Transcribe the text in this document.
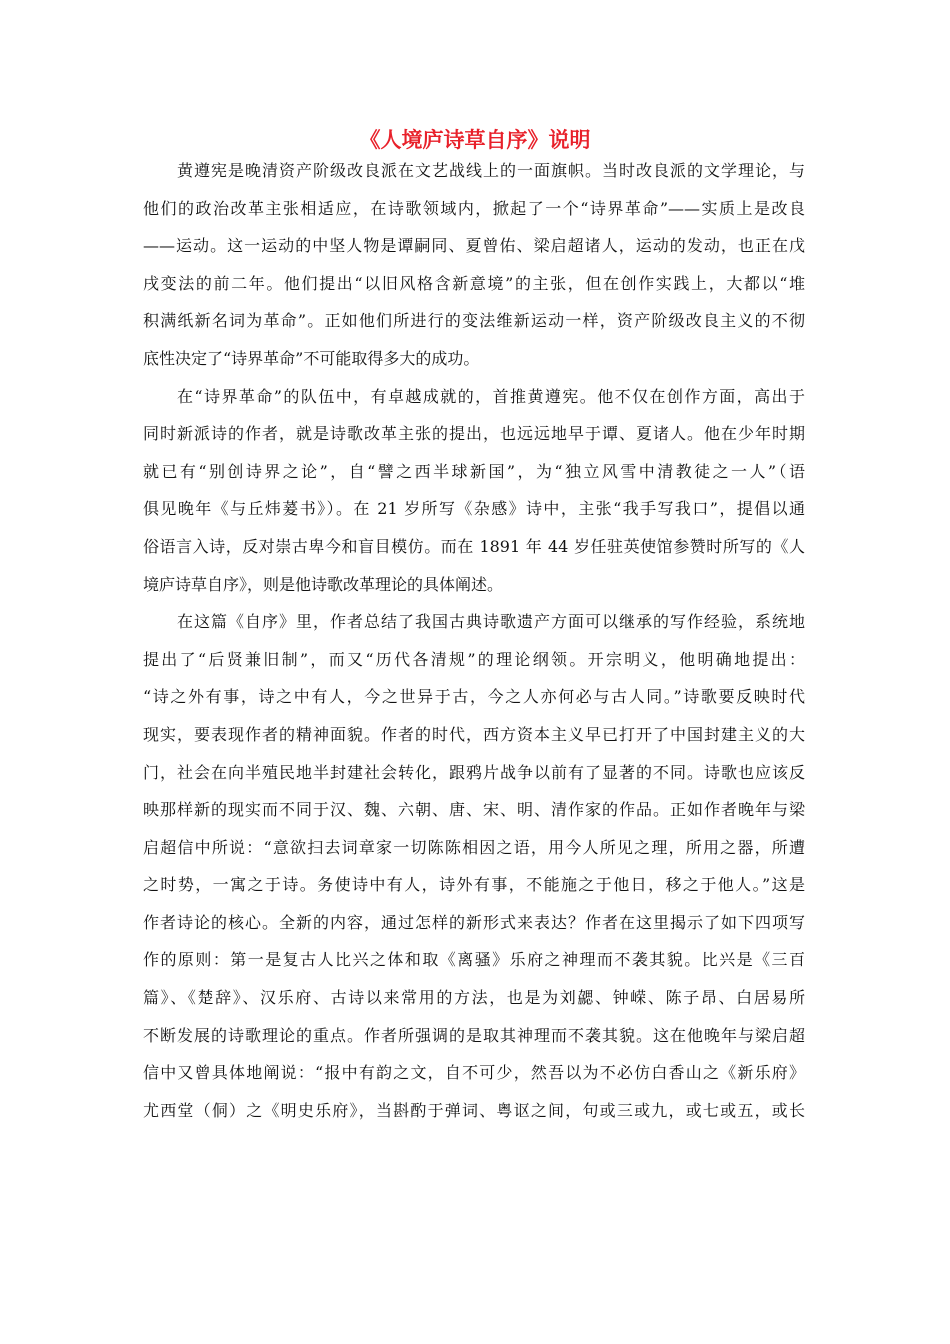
《人境庐诗草自序》说明
黄遵宪是晚清资产阶级改良派在文艺战线上的一面旗帜。当时改良派的文学理论，与
他们的政治改革主张相适应，在诗歌领域内，掀起了一个“诗界革命”——实质上是改良
——运动。这一运动的中坚人物是谭嗣同、夏曾佑、梁启超诸人，运动的发动，也正在戊
戌变法的前二年。他们提出“以旧风格含新意境”的主张，但在创作实践上，大都以“堆
积满纸新名词为革命”。正如他们所进行的变法维新运动一样，资产阶级改良主义的不彻
底性决定了“诗界革命”不可能取得多大的成功。
在“诗界革命”的队伍中，有卓越成就的，首推黄遵宪。他不仅在创作方面，高出于
同时新派诗的作者，就是诗歌改革主张的提出，也远远地早于谭、夏诸人。他在少年时期
就已有“别创诗界之论”，自“譬之西半球新国”，为“独立风雪中清教徒之一人”（语
俱见晚年《与丘炜萲书》）。在 21 岁所写《杂感》诗中，主张“我手写我口”，提倡以通
俗语言入诗，反对崇古卑今和盲目模仿。而在 1891 年 44 岁任驻英使馆参赞时所写的《人
境庐诗草自序》，则是他诗歌改革理论的具体阐述。
在这篇《自序》里，作者总结了我国古典诗歌遗产方面可以继承的写作经验，系统地
提出了“后贤兼旧制”，而又“历代各清规”的理论纲领。开宗明义，他明确地提出：
“诗之外有事，诗之中有人，今之世异于古，今之人亦何必与古人同。”诗歌要反映时代
现实，要表现作者的精神面貌。作者的时代，西方资本主义早已打开了中国封建主义的大
门，社会在向半殖民地半封建社会转化，跟鸦片战争以前有了显著的不同。诗歌也应该反
映那样新的现实而不同于汉、魏、六朝、唐、宋、明、清作家的作品。正如作者晚年与梁
启超信中所说：“意欲扫去词章家一切陈陈相因之语，用今人所见之理，所用之器，所遭
之时势，一寓之于诗。务使诗中有人，诗外有事，不能施之于他日，移之于他人。”这是
作者诗论的核心。全新的内容，通过怎样的新形式来表达？作者在这里揭示了如下四项写
作的原则：第一是复古人比兴之体和取《离骚》乐府之神理而不袭其貌。比兴是《三百
篇》、《楚辞》、汉乐府、古诗以来常用的方法，也是为刘勰、钟嵘、陈子昂、白居易所
不断发展的诗歌理论的重点。作者所强调的是取其神理而不袭其貌。这在他晚年与梁启超
信中又曾具体地阐说：“报中有韵之文，自不可少，然吾以为不必仿白香山之《新乐府》
尤西堂（侗）之《明史乐府》，当斟酌于弹词、粤讴之间，句或三或九，或七或五，或长
